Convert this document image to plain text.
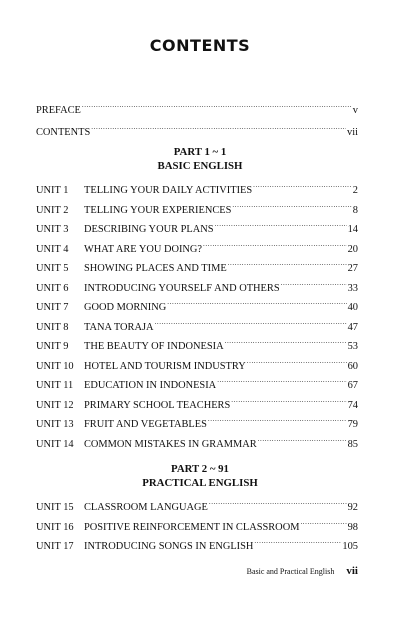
CONTENTS
PREFACE .....	v
CONTENTS .....	vii
PART 1 ~ 1
BASIC ENGLISH
UNIT 1	TELLING YOUR DAILY ACTIVITIES .....	2
UNIT 2	TELLING YOUR EXPERIENCES .....	8
UNIT 3	DESCRIBING YOUR PLANS .....	14
UNIT 4	WHAT ARE YOU DOING? .....	20
UNIT 5	SHOWING PLACES AND TIME .....	27
UNIT 6	INTRODUCING YOURSELF AND OTHERS .....	33
UNIT 7	GOOD MORNING .....	40
UNIT 8	TANA TORAJA .....	47
UNIT 9	THE BEAUTY OF INDONESIA .....	53
UNIT 10 HOTEL AND TOURISM INDUSTRY .....	60
UNIT 11	EDUCATION IN INDONESIA .....	67
UNIT 12 PRIMARY SCHOOL TEACHERS .....	74
UNIT 13 FRUIT AND VEGETABLES .....	79
UNIT 14 COMMON MISTAKES IN GRAMMAR .....	85
PART 2 ~ 91
PRACTICAL ENGLISH
UNIT 15 CLASSROOM LANGUAGE .....	92
UNIT 16 POSITIVE REINFORCEMENT IN CLASSROOM .....	98
UNIT 17 INTRODUCING SONGS IN ENGLISH .....	105
Basic and Practical English vii
